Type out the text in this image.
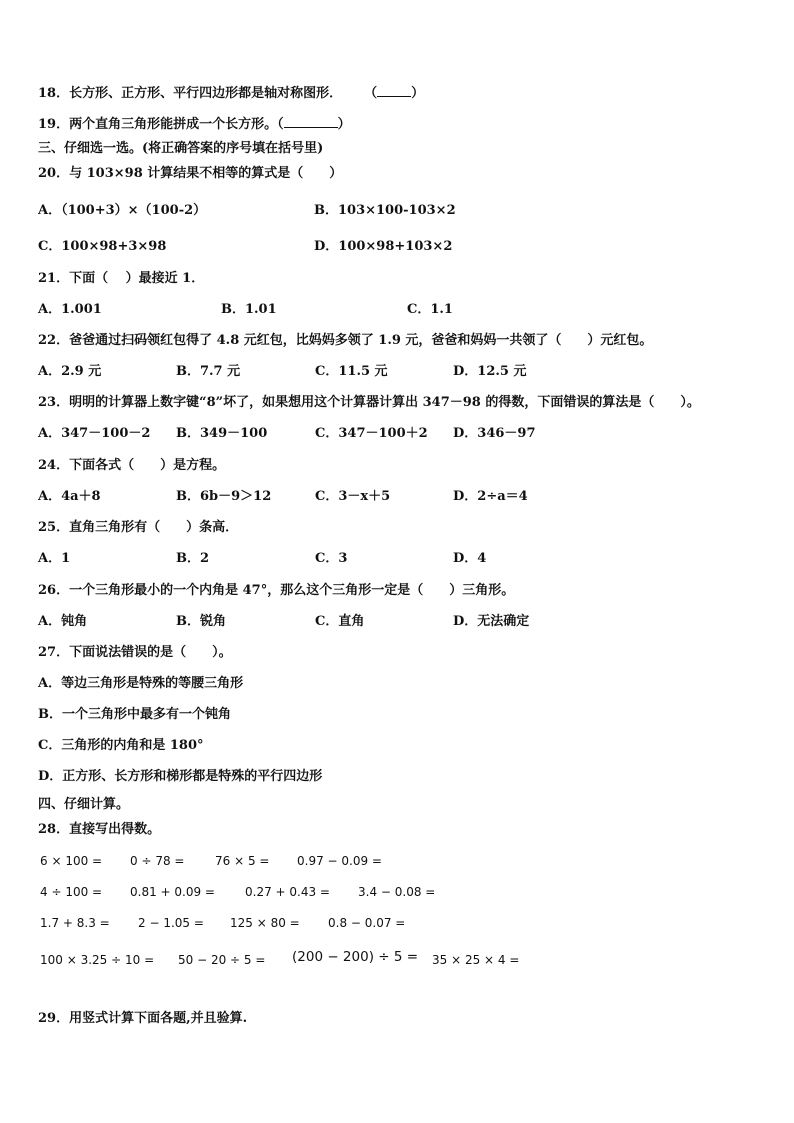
18．长方形、正方形、平行四边形都是轴对称图形． （	）
19．两个直角三角形能拼成一个长方形。（	）
三、仔细选一选。(将正确答案的序号填在括号里)
20．与 103×98 计算结果不相等的算式是（　　）
A．（100+3）×（100-2）	B．103×100-103×2
C．100×98+3×98	D．100×98+103×2
21．下面（　 ）最接近 1．
A．1.001	B．1.01	C．1.1
22．爸爸通过扫码领红包得了 4.8 元红包，比妈妈多领了 1.9 元，爸爸和妈妈一共领了（　　）元红包。
A．2.9 元	B．7.7 元	C．11.5 元	D．12.5 元
23．明明的计算器上数字键“8”坏了，如果想用这个计算器计算出 347－98 的得数，下面错误的算法是（　　）。
A．347－100－2 B．349－100	C．347－100＋2 D．346－97
24．下面各式（　　）是方程。
A．4a＋8	B．6b－9＞12	C．3－x＋5	D．2÷a＝4
25．直角三角形有（　　）条高．
A．1	B．2	C．3	D．4
26．一个三角形最小的一个内角是 47°，那么这个三角形一定是（　　）三角形。
A．钝角	B．锐角	C．直角	D．无法确定
27．下面说法错误的是（　　）。
A．等边三角形是特殊的等腰三角形
B．一个三角形中最多有一个钝角
C．三角形的内角和是 180°
D．正方形、长方形和梯形都是特殊的平行四边形
四、仔细计算。
28．直接写出得数。
6 × 100 = 0 ÷ 78 =	76 × 5 = 0.97 − 0.09 =
4 ÷ 100 = 0.81 + 0.09 =	0.27 + 0.43 = 3.4 − 0.08 =
1.7 + 8.3 = 2 − 1.05 = 125 × 80 = 0.8 − 0.07 =
100 × 3.25 ÷ 10 = 50 − 20 ÷ 5 = (200 − 200) ÷ 5 = 35 × 25 × 4 =
29．用竖式计算下面各题,并且验算.
